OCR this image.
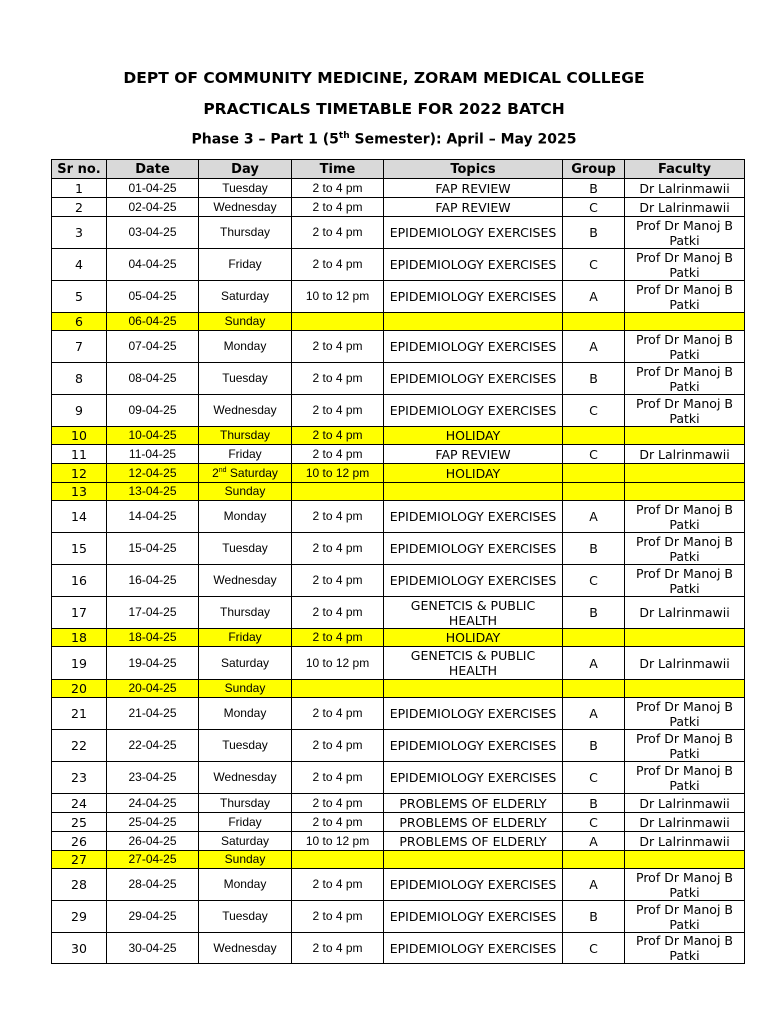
DEPT OF COMMUNITY MEDICINE, ZORAM MEDICAL COLLEGE
PRACTICALS TIMETABLE FOR 2022 BATCH
Phase 3 – Part 1 (5th Semester): April – May 2025
Sr no.	Date	Day	Time	Topics	Group	Faculty
1	01-04-25	Tuesday	2 to 4 pm	FAP REVIEW	B	Dr Lalrinmawii
2	02-04-25	Wednesday	2 to 4 pm	FAP REVIEW	C	Dr Lalrinmawii
3	03-04-25	Thursday	2 to 4 pm	EPIDEMIOLOGY EXERCISES	B	Prof Dr Manoj B Patki
4	04-04-25	Friday	2 to 4 pm	EPIDEMIOLOGY EXERCISES	C	Prof Dr Manoj B Patki
5	05-04-25	Saturday	10 to 12 pm	EPIDEMIOLOGY EXERCISES	A	Prof Dr Manoj B Patki
6	06-04-25	Sunday				
7	07-04-25	Monday	2 to 4 pm	EPIDEMIOLOGY EXERCISES	A	Prof Dr Manoj B Patki
8	08-04-25	Tuesday	2 to 4 pm	EPIDEMIOLOGY EXERCISES	B	Prof Dr Manoj B Patki
9	09-04-25	Wednesday	2 to 4 pm	EPIDEMIOLOGY EXERCISES	C	Prof Dr Manoj B Patki
10	10-04-25	Thursday	2 to 4 pm	HOLIDAY		
11	11-04-25	Friday	2 to 4 pm	FAP REVIEW	C	Dr Lalrinmawii
12	12-04-25	2nd Saturday	10 to 12 pm	HOLIDAY		
13	13-04-25	Sunday				
14	14-04-25	Monday	2 to 4 pm	EPIDEMIOLOGY EXERCISES	A	Prof Dr Manoj B Patki
15	15-04-25	Tuesday	2 to 4 pm	EPIDEMIOLOGY EXERCISES	B	Prof Dr Manoj B Patki
16	16-04-25	Wednesday	2 to 4 pm	EPIDEMIOLOGY EXERCISES	C	Prof Dr Manoj B Patki
17	17-04-25	Thursday	2 to 4 pm	GENETCIS & PUBLIC HEALTH	B	Dr Lalrinmawii
18	18-04-25	Friday	2 to 4 pm	HOLIDAY		
19	19-04-25	Saturday	10 to 12 pm	GENETCIS & PUBLIC HEALTH	A	Dr Lalrinmawii
20	20-04-25	Sunday				
21	21-04-25	Monday	2 to 4 pm	EPIDEMIOLOGY EXERCISES	A	Prof Dr Manoj B Patki
22	22-04-25	Tuesday	2 to 4 pm	EPIDEMIOLOGY EXERCISES	B	Prof Dr Manoj B Patki
23	23-04-25	Wednesday	2 to 4 pm	EPIDEMIOLOGY EXERCISES	C	Prof Dr Manoj B Patki
24	24-04-25	Thursday	2 to 4 pm	PROBLEMS OF ELDERLY	B	Dr Lalrinmawii
25	25-04-25	Friday	2 to 4 pm	PROBLEMS OF ELDERLY	C	Dr Lalrinmawii
26	26-04-25	Saturday	10 to 12 pm	PROBLEMS OF ELDERLY	A	Dr Lalrinmawii
27	27-04-25	Sunday				
28	28-04-25	Monday	2 to 4 pm	EPIDEMIOLOGY EXERCISES	A	Prof Dr Manoj B Patki
29	29-04-25	Tuesday	2 to 4 pm	EPIDEMIOLOGY EXERCISES	B	Prof Dr Manoj B Patki
30	30-04-25	Wednesday	2 to 4 pm	EPIDEMIOLOGY EXERCISES	C	Prof Dr Manoj B Patki
